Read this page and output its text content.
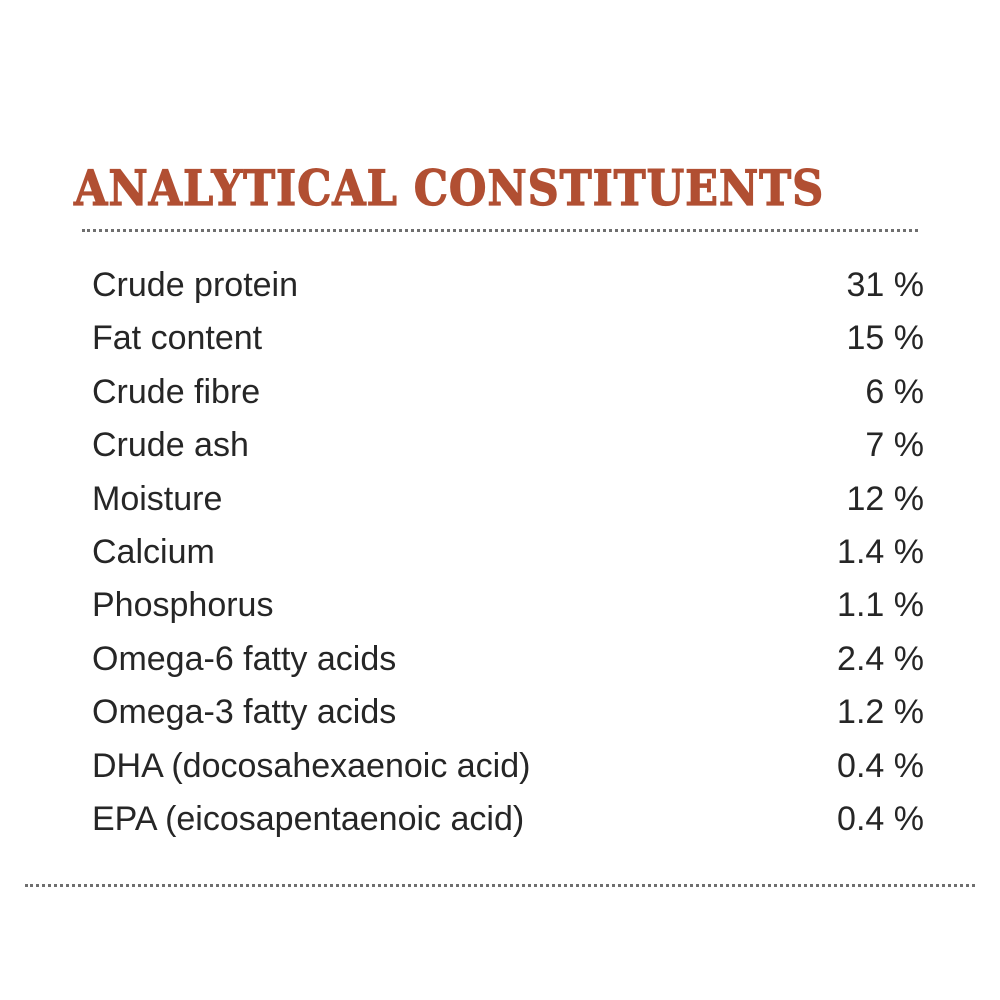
ANALYTICAL CONSTITUENTS
Crude protein	31 %
Fat content	15 %
Crude fibre	6 %
Crude ash	7 %
Moisture	12 %
Calcium	1.4 %
Phosphorus	1.1 %
Omega-6 fatty acids	2.4 %
Omega-3 fatty acids	1.2 %
DHA (docosahexaenoic acid)	0.4 %
EPA (eicosapentaenoic acid)	0.4 %
